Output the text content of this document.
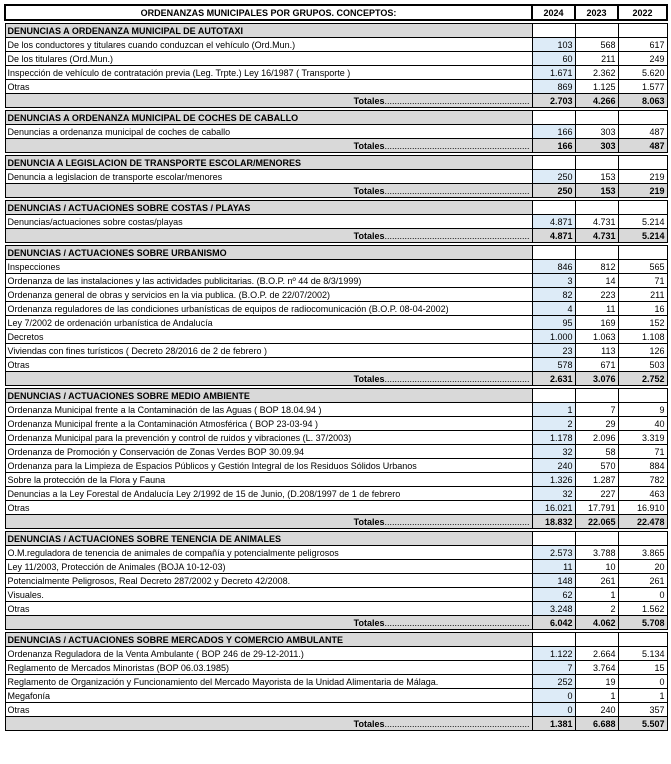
ORDENANZAS MUNICIPALES POR GRUPOS. CONCEPTOS:	2024	2023	2022

DENUNCIAS A ORDENANZA MUNICIPAL DE AUTOTAXI			
De los conductores y titulares cuando conduzcan el vehículo (Ord.Mun.)	103	568	617
De los titulares (Ord.Mun.)	60	211	249
Inspección de vehículo de contratación previa (Leg. Trpte.) Ley 16/1987 ( Transporte )	1.671	2.362	5.620
Otras	869	1.125	1.577
Totales..........................................................	2.703	4.266	8.063

DENUNCIAS A ORDENANZA MUNICIPAL DE COCHES DE CABALLO			
Denuncias a ordenanza municipal de coches de caballo	166	303	487
Totales..........................................................	166	303	487

DENUNCIA A LEGISLACION DE TRANSPORTE ESCOLAR/MENORES			
Denuncia a legislacion de transporte escolar/menores	250	153	219
Totales..........................................................	250	153	219

DENUNCIAS / ACTUACIONES SOBRE COSTAS / PLAYAS			
Denuncias/actuaciones sobre costas/playas	4.871	4.731	5.214
Totales..........................................................	4.871	4.731	5.214

DENUNCIAS / ACTUACIONES SOBRE URBANISMO			
Inspecciones	846	812	565
Ordenanza de las instalaciones y las actividades publicitarias. (B.O.P. nº 44 de 8/3/1999)	3	14	71
Ordenanza general de obras y servicios en la via publica. (B.O.P. de 22/07/2002)	82	223	211
Ordenanza reguladores de las condiciones urbanísticas de equipos de radiocomunicación (B.O.P. 08-04-2002)	4	11	16
Ley 7/2002 de ordenación urbanística de Andalucía	95	169	152
Decretos	1.000	1.063	1.108
Viviendas con fines turísticos ( Decreto 28/2016 de 2 de febrero )	23	113	126
Otras	578	671	503
Totales..........................................................	2.631	3.076	2.752

DENUNCIAS / ACTUACIONES SOBRE MEDIO AMBIENTE			
Ordenanza Municipal frente a la Contaminación de las Aguas ( BOP 18.04.94 )	1	7	9
Ordenanza Municipal frente a la Contaminación Atmosférica ( BOP 23-03-94 )	2	29	40
Ordenanza Municipal para la prevención y control de ruidos y vibraciones (L. 37/2003)	1.178	2.096	3.319
Ordenanza de Promoción y Conservación de Zonas Verdes BOP 30.09.94	32	58	71
Ordenanza para la Limpieza de Espacios Públicos y Gestión Integral de los Residuos Sólidos Urbanos	240	570	884
Sobre la protección de la Flora y Fauna	1.326	1.287	782
Denuncias a la Ley Forestal de Andalucía Ley 2/1992 de 15 de Junio, (D.208/1997 de 1 de febrero	32	227	463
Otras	16.021	17.791	16.910
Totales..........................................................	18.832	22.065	22.478

DENUNCIAS / ACTUACIONES SOBRE TENENCIA DE ANIMALES			
O.M.reguladora de tenencia de animales de compañía y potencialmente peligrosos	2.573	3.788	3.865
Ley 11/2003, Protección de Animales (BOJA 10-12-03)	11	10	20
Potencialmente Peligrosos, Real Decreto 287/2002 y Decreto 42/2008.	148	261	261
Visuales.	62	1	0
Otras	3.248	2	1.562
Totales..........................................................	6.042	4.062	5.708

DENUNCIAS / ACTUACIONES SOBRE MERCADOS Y COMERCIO AMBULANTE			
Ordenanza Reguladora de la Venta Ambulante ( BOP 246 de 29-12-2011.)	1.122	2.664	5.134
Reglamento de Mercados Minoristas (BOP 06.03.1985)	7	3.764	15
Reglamento de Organización y Funcionamiento del Mercado Mayorista de la Unidad Alimentaria de Málaga.	252	19	0
Megafonía	0	1	1
Otras	0	240	357
Totales..........................................................	1.381	6.688	5.507
